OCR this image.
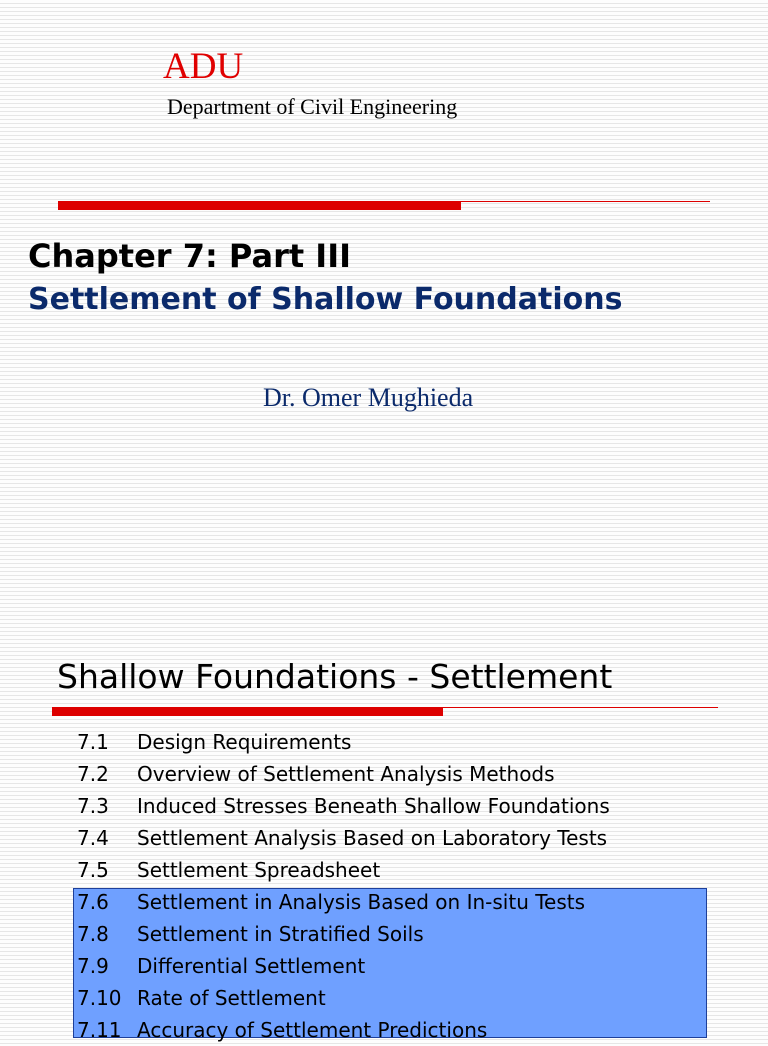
ADU
Department of Civil Engineering
Chapter 7: Part III
Settlement of Shallow Foundations
Dr. Omer Mughieda
Shallow Foundations - Settlement
7.1 Design Requirements
7.2 Overview of Settlement Analysis Methods
7.3 Induced Stresses Beneath Shallow Foundations
7.4 Settlement Analysis Based on Laboratory Tests
7.5 Settlement Spreadsheet
7.6 Settlement in Analysis Based on In-situ Tests
7.8 Settlement in Stratified Soils
7.9 Differential Settlement
7.10 Rate of Settlement
7.11 Accuracy of Settlement Predictions
